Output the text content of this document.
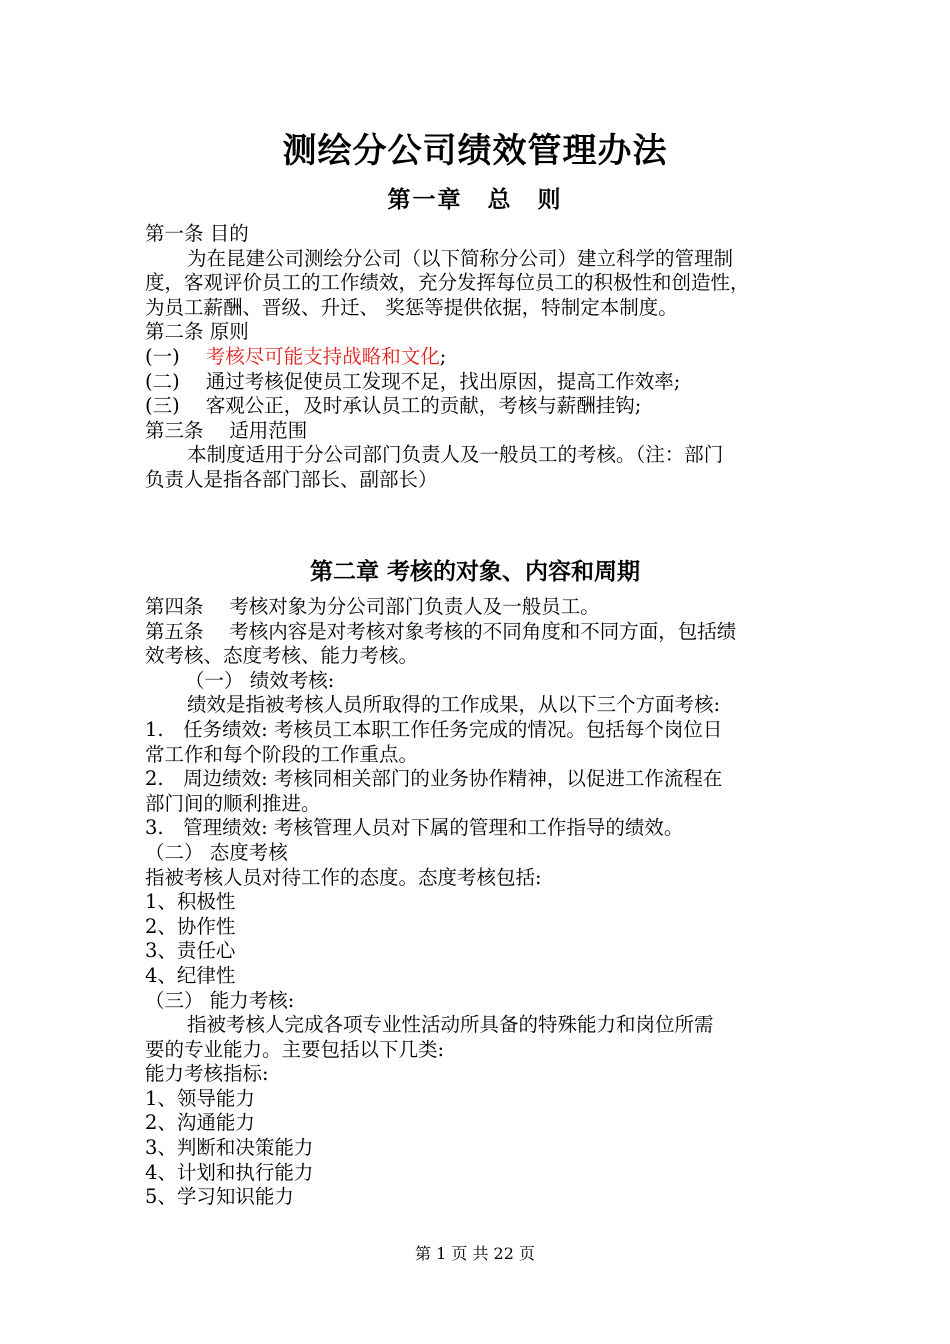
测绘分公司绩效管理办法
第一章　总　则
第一条 目的
为在昆建公司测绘分公司（以下简称分公司）建立科学的管理制
度，客观评价员工的工作绩效，充分发挥每位员工的积极性和创造性，
为员工薪酬、晋级、升迁、 奖惩等提供依据，特制定本制度。
第二条 原则
(一) 考核尽可能支持战略和文化;
(二) 通过考核促使员工发现不足，找出原因，提高工作效率;
(三) 客观公正，及时承认员工的贡献，考核与薪酬挂钩;
第三条　 适用范围
本制度适用于分公司部门负责人及一般员工的考核。（注：部门
负责人是指各部门部长、副部长）
第二章 考核的对象、内容和周期
第四条　 考核对象为分公司部门负责人及一般员工。
第五条　 考核内容是对考核对象考核的不同角度和不同方面，包括绩
效考核、态度考核、能力考核。
（一） 绩效考核:
绩效是指被考核人员所取得的工作成果，从以下三个方面考核:
1.　任务绩效: 考核员工本职工作任务完成的情况。包括每个岗位日
常工作和每个阶段的工作重点。
2.　周边绩效: 考核同相关部门的业务协作精神，以促进工作流程在
部门间的顺利推进。
3.　管理绩效: 考核管理人员对下属的管理和工作指导的绩效。
（二） 态度考核
指被考核人员对待工作的态度。态度考核包括:
1、积极性
2、协作性
3、责任心
4、纪律性
（三） 能力考核:
指被考核人完成各项专业性活动所具备的特殊能力和岗位所需
要的专业能力。主要包括以下几类:
能力考核指标:
1、领导能力
2、沟通能力
3、判断和决策能力
4、计划和执行能力
5、学习知识能力
第 1 页 共 22 页
